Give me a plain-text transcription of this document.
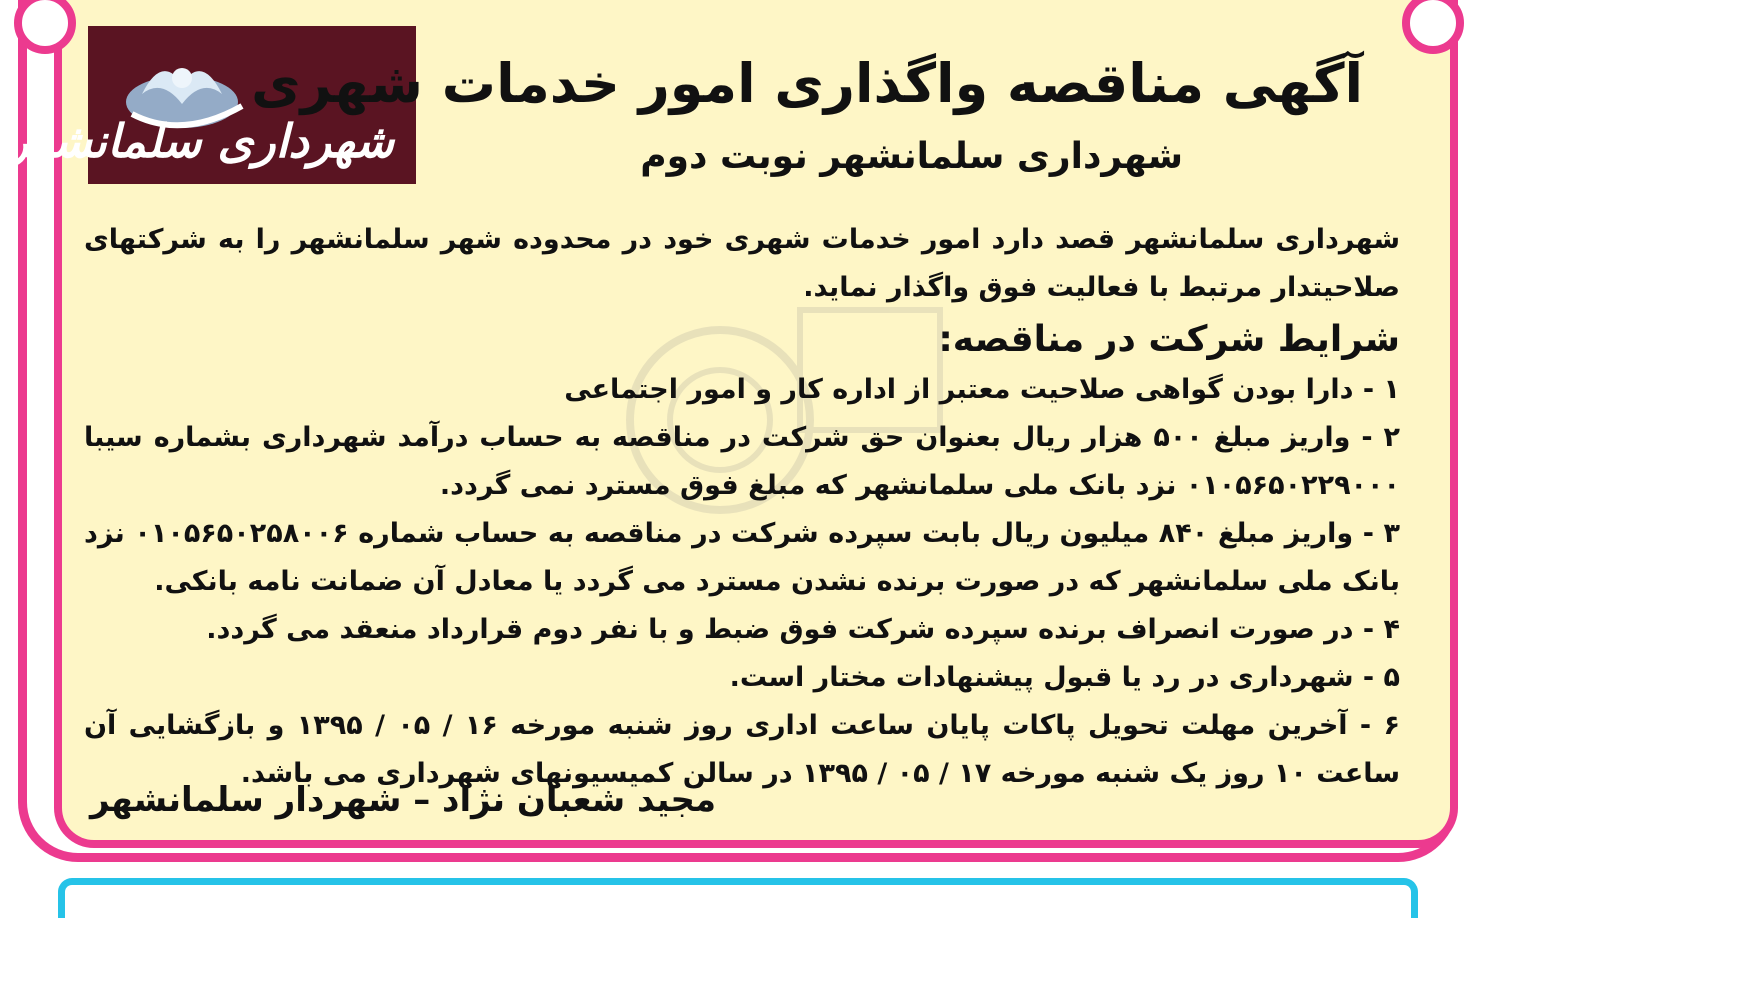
شهرداری سلمانشهر
آگهی مناقصه واگذاری امور خدمات شهری
شهرداری سلمانشهر نوبت دوم

شهرداری سلمانشهر قصد دارد امور خدمات شهری خود در محدوده شهر سلمانشهر را به شرکتهای صلاحیتدار مرتبط با فعالیت فوق واگذار نماید.

شرایط شرکت در مناقصه:

۱ - دارا بودن گواهی صلاحیت معتبر از اداره کار و امور اجتماعی
۲ - واریز مبلغ ۵۰۰ هزار ریال بعنوان حق شرکت در مناقصه به حساب درآمد شهرداری بشماره سیبا ۰۱۰۵۶۵۰۲۲۹۰۰۰ نزد بانک ملی سلمانشهر که مبلغ فوق مسترد نمی گردد.
۳ - واریز مبلغ ۸۴۰ میلیون ریال بابت سپرده شرکت در مناقصه به حساب شماره ۰۱۰۵۶۵۰۲۵۸۰۰۶ نزد بانک ملی سلمانشهر که در صورت برنده نشدن مسترد می گردد یا معادل آن ضمانت نامه بانکی.
۴ - در صورت انصراف برنده سپرده شرکت فوق ضبط و با نفر دوم قرارداد منعقد می گردد.
۵ - شهرداری در رد یا قبول پیشنهادات مختار است.
۶ - آخرین مهلت تحویل پاکات پایان ساعت اداری روز شنبه مورخه ۱۶ / ۰۵ / ۱۳۹۵ و بازگشایی آن ساعت ۱۰ روز یک شنبه مورخه ۱۷ / ۰۵ / ۱۳۹۵ در سالن کمیسیونهای شهرداری می باشد.
مجید شعبان نژاد – شهردار سلمانشهر
